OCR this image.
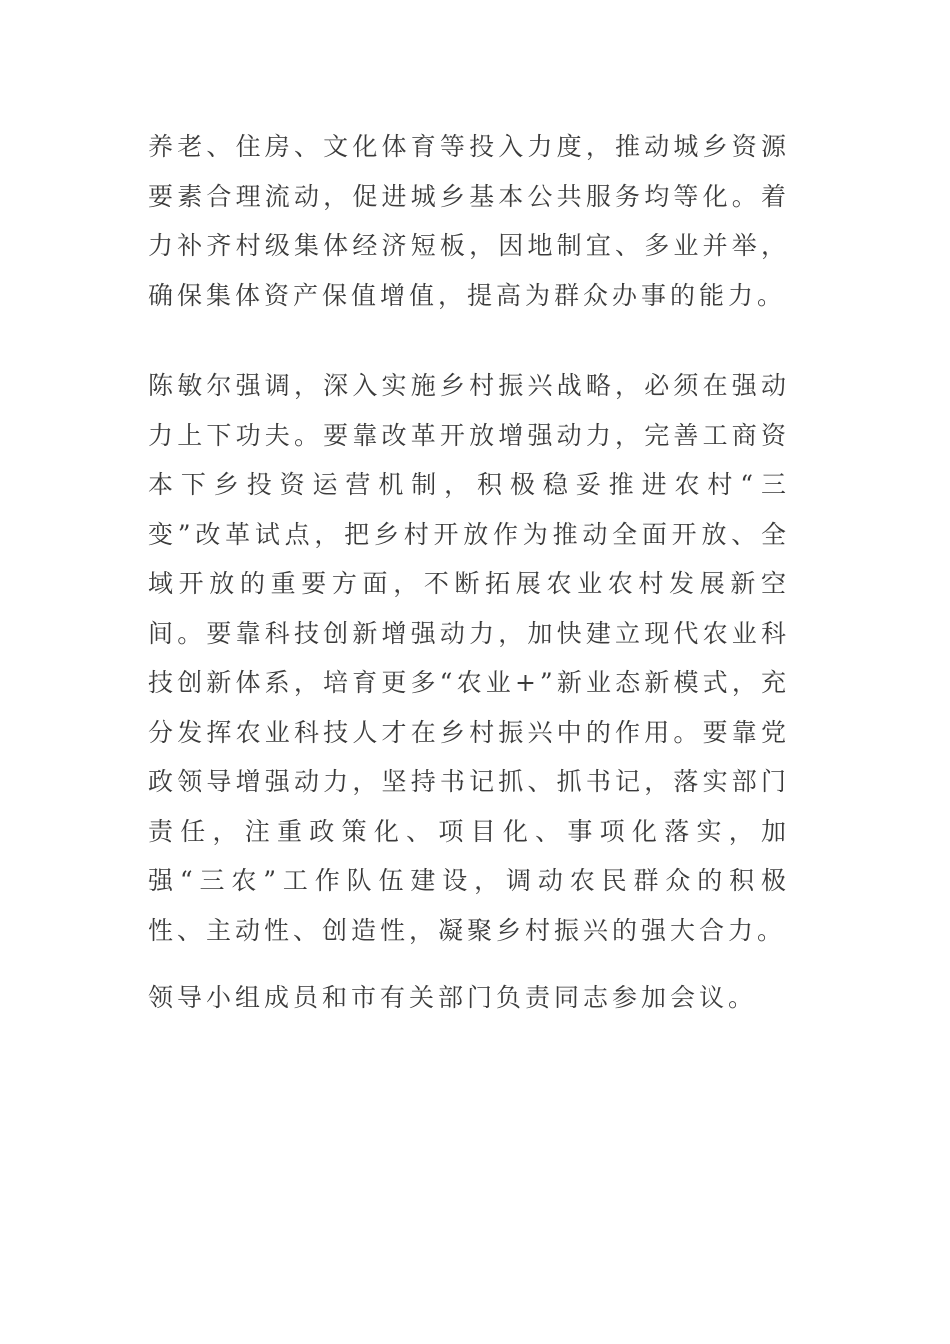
养老、住房、文化体育等投入力度，推动城乡资源要素合理流动，促进城乡基本公共服务均等化。着力补齐村级集体经济短板，因地制宜、多业并举，确保集体资产保值增值，提高为群众办事的能力。

陈敏尔强调，深入实施乡村振兴战略，必须在强动力上下功夫。要靠改革开放增强动力，完善工商资本下乡投资运营机制，积极稳妥推进农村“三变”改革试点，把乡村开放作为推动全面开放、全域开放的重要方面，不断拓展农业农村发展新空间。要靠科技创新增强动力，加快建立现代农业科技创新体系，培育更多“农业+”新业态新模式，充分发挥农业科技人才在乡村振兴中的作用。要靠党政领导增强动力，坚持书记抓、抓书记，落实部门责任，注重政策化、项目化、事项化落实，加强“三农”工作队伍建设，调动农民群众的积极性、主动性、创造性，凝聚乡村振兴的强大合力。

领导小组成员和市有关部门负责同志参加会议。
